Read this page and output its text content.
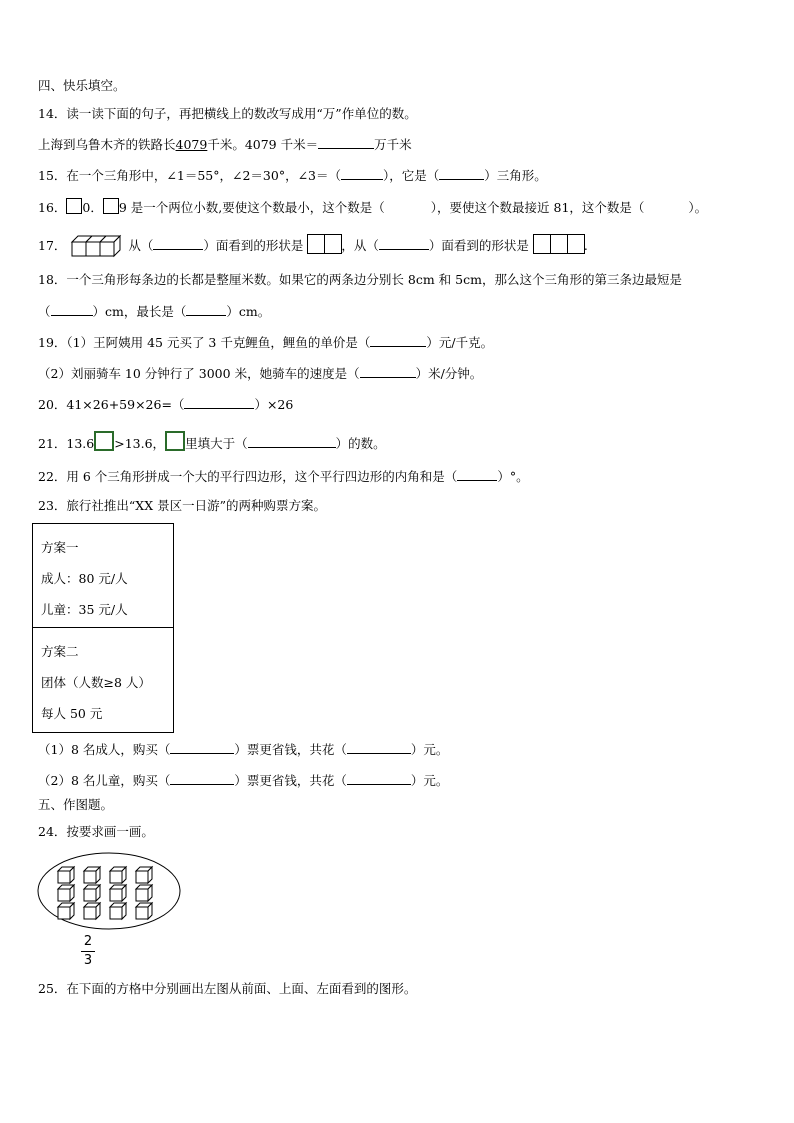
四、快乐填空。
14．读一读下面的句子，再把横线上的数改写成用“万”作单位的数。
上海到乌鲁木齐的铁路长4079千米。4079 千米＝	万千米
15．在一个三角形中，∠1＝55°，∠2＝30°，∠3＝（	），它是（	）三角形。
16． 0． 9 是一个两位小数,要使这个数最小，这个数是（	），要使这个数最接近 81，这个数是（	）。
17．	从（	）面看到的形状是	，从（	）面看到的形状是	.
18．一个三角形每条边的长都是整厘米数。如果它的两条边分别长 8cm 和 5cm，那么这个三角形的第三条边最短是
（	）cm，最长是（	）cm。
19．（1）王阿姨用 45 元买了 3 千克鲤鱼，鲤鱼的单价是（	）元/千克。
（2）刘丽骑车 10 分钟行了 3000 米，她骑车的速度是（	）米/分钟。
20．41×26+59×26=（	）×26
21．13.6 >13.6， 里填大于（	）的数。
22．用 6 个三角形拼成一个大的平行四边形，这个平行四边形的内角和是（	）°。
23．旅行社推出“XX 景区一日游”的两种购票方案。
方案一
成人：80 元/人
儿童：35 元/人
方案二
团体（人数≥8 人）
每人 50 元
（1）8 名成人，购买（	）票更省钱，共花（	）元。
（2）8 名儿童，购买（	）票更省钱，共花（	）元。
五、作图题。
24．按要求画一画。
2
3
25．在下面的方格中分别画出左图从前面、上面、左面看到的图形。
